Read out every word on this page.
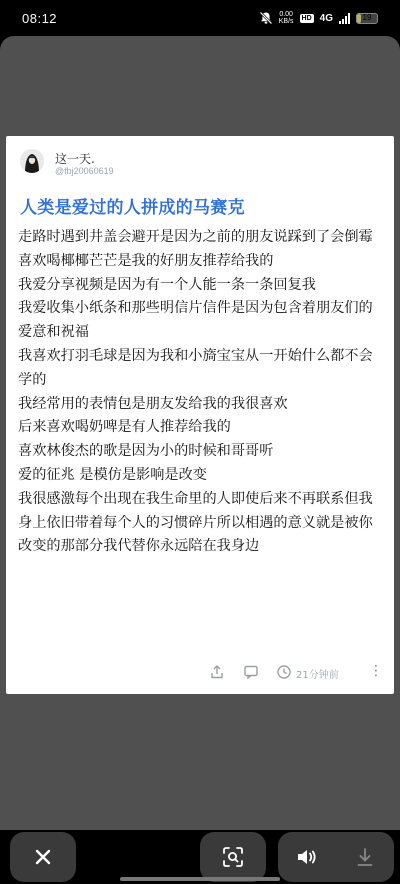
08:12	0.00
KB/s HD 4G	19
这一天.
@fbj20060619
人类是爱过的人拼成的马赛克

走路时遇到井盖会避开是因为之前的朋友说踩到了会倒霉

喜欢喝椰椰芒芒是我的好朋友推荐给我的

我爱分享视频是因为有一个人能一条一条回复我

我爱收集小纸条和那些明信片信件是因为包含着朋友们的爱意和祝福

我喜欢打羽毛球是因为我和小旖宝宝从一开始什么都不会学的

我经常用的表情包是朋友发给我的我很喜欢

后来喜欢喝奶啤是有人推荐给我的

喜欢林俊杰的歌是因为小的时候和哥哥听

爱的征兆 是模仿是影响是改变

我很感激每个出现在我生命里的人即使后来不再联系但我身上依旧带着每个人的习惯碎片所以相遇的意义就是被你改变的那部分我代替你永远陪在我身边

21分钟前 ⋮
